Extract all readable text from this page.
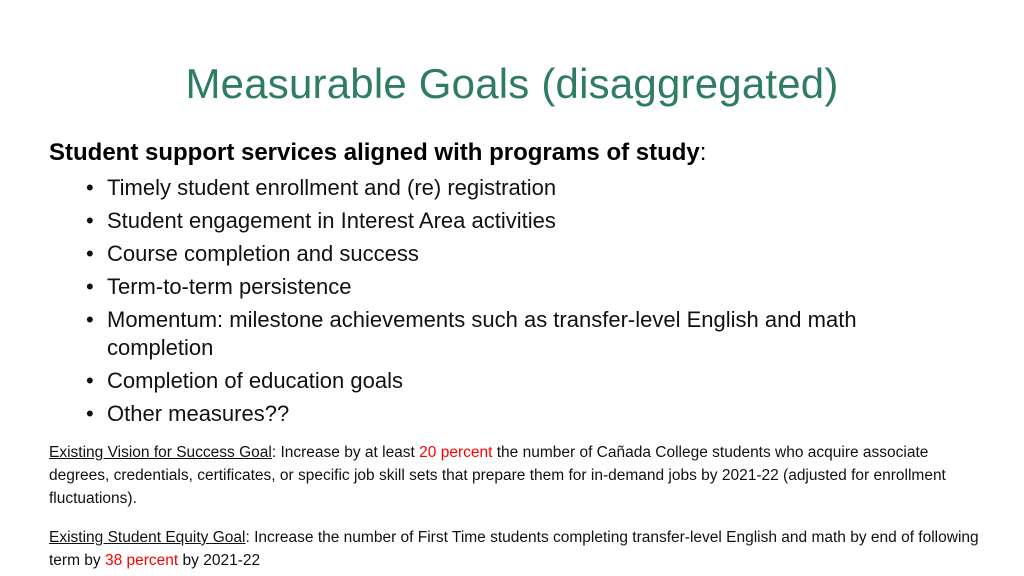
Measurable Goals (disaggregated)
Student support services aligned with programs of study:
• Timely student enrollment and (re) registration
• Student engagement in Interest Area activities
• Course completion and success
• Term-to-term persistence
• Momentum: milestone achievements such as transfer-level English and math completion
• Completion of education goals
• Other measures??
Existing Vision for Success Goal: Increase by at least 20 percent the number of Cañada College students who acquire associate degrees, credentials, certificates, or specific job skill sets that prepare them for in-demand jobs by 2021-22 (adjusted for enrollment fluctuations).
Existing Student Equity Goal: Increase the number of First Time students completing transfer-level English and math by end of following term by 38 percent by 2021-22
